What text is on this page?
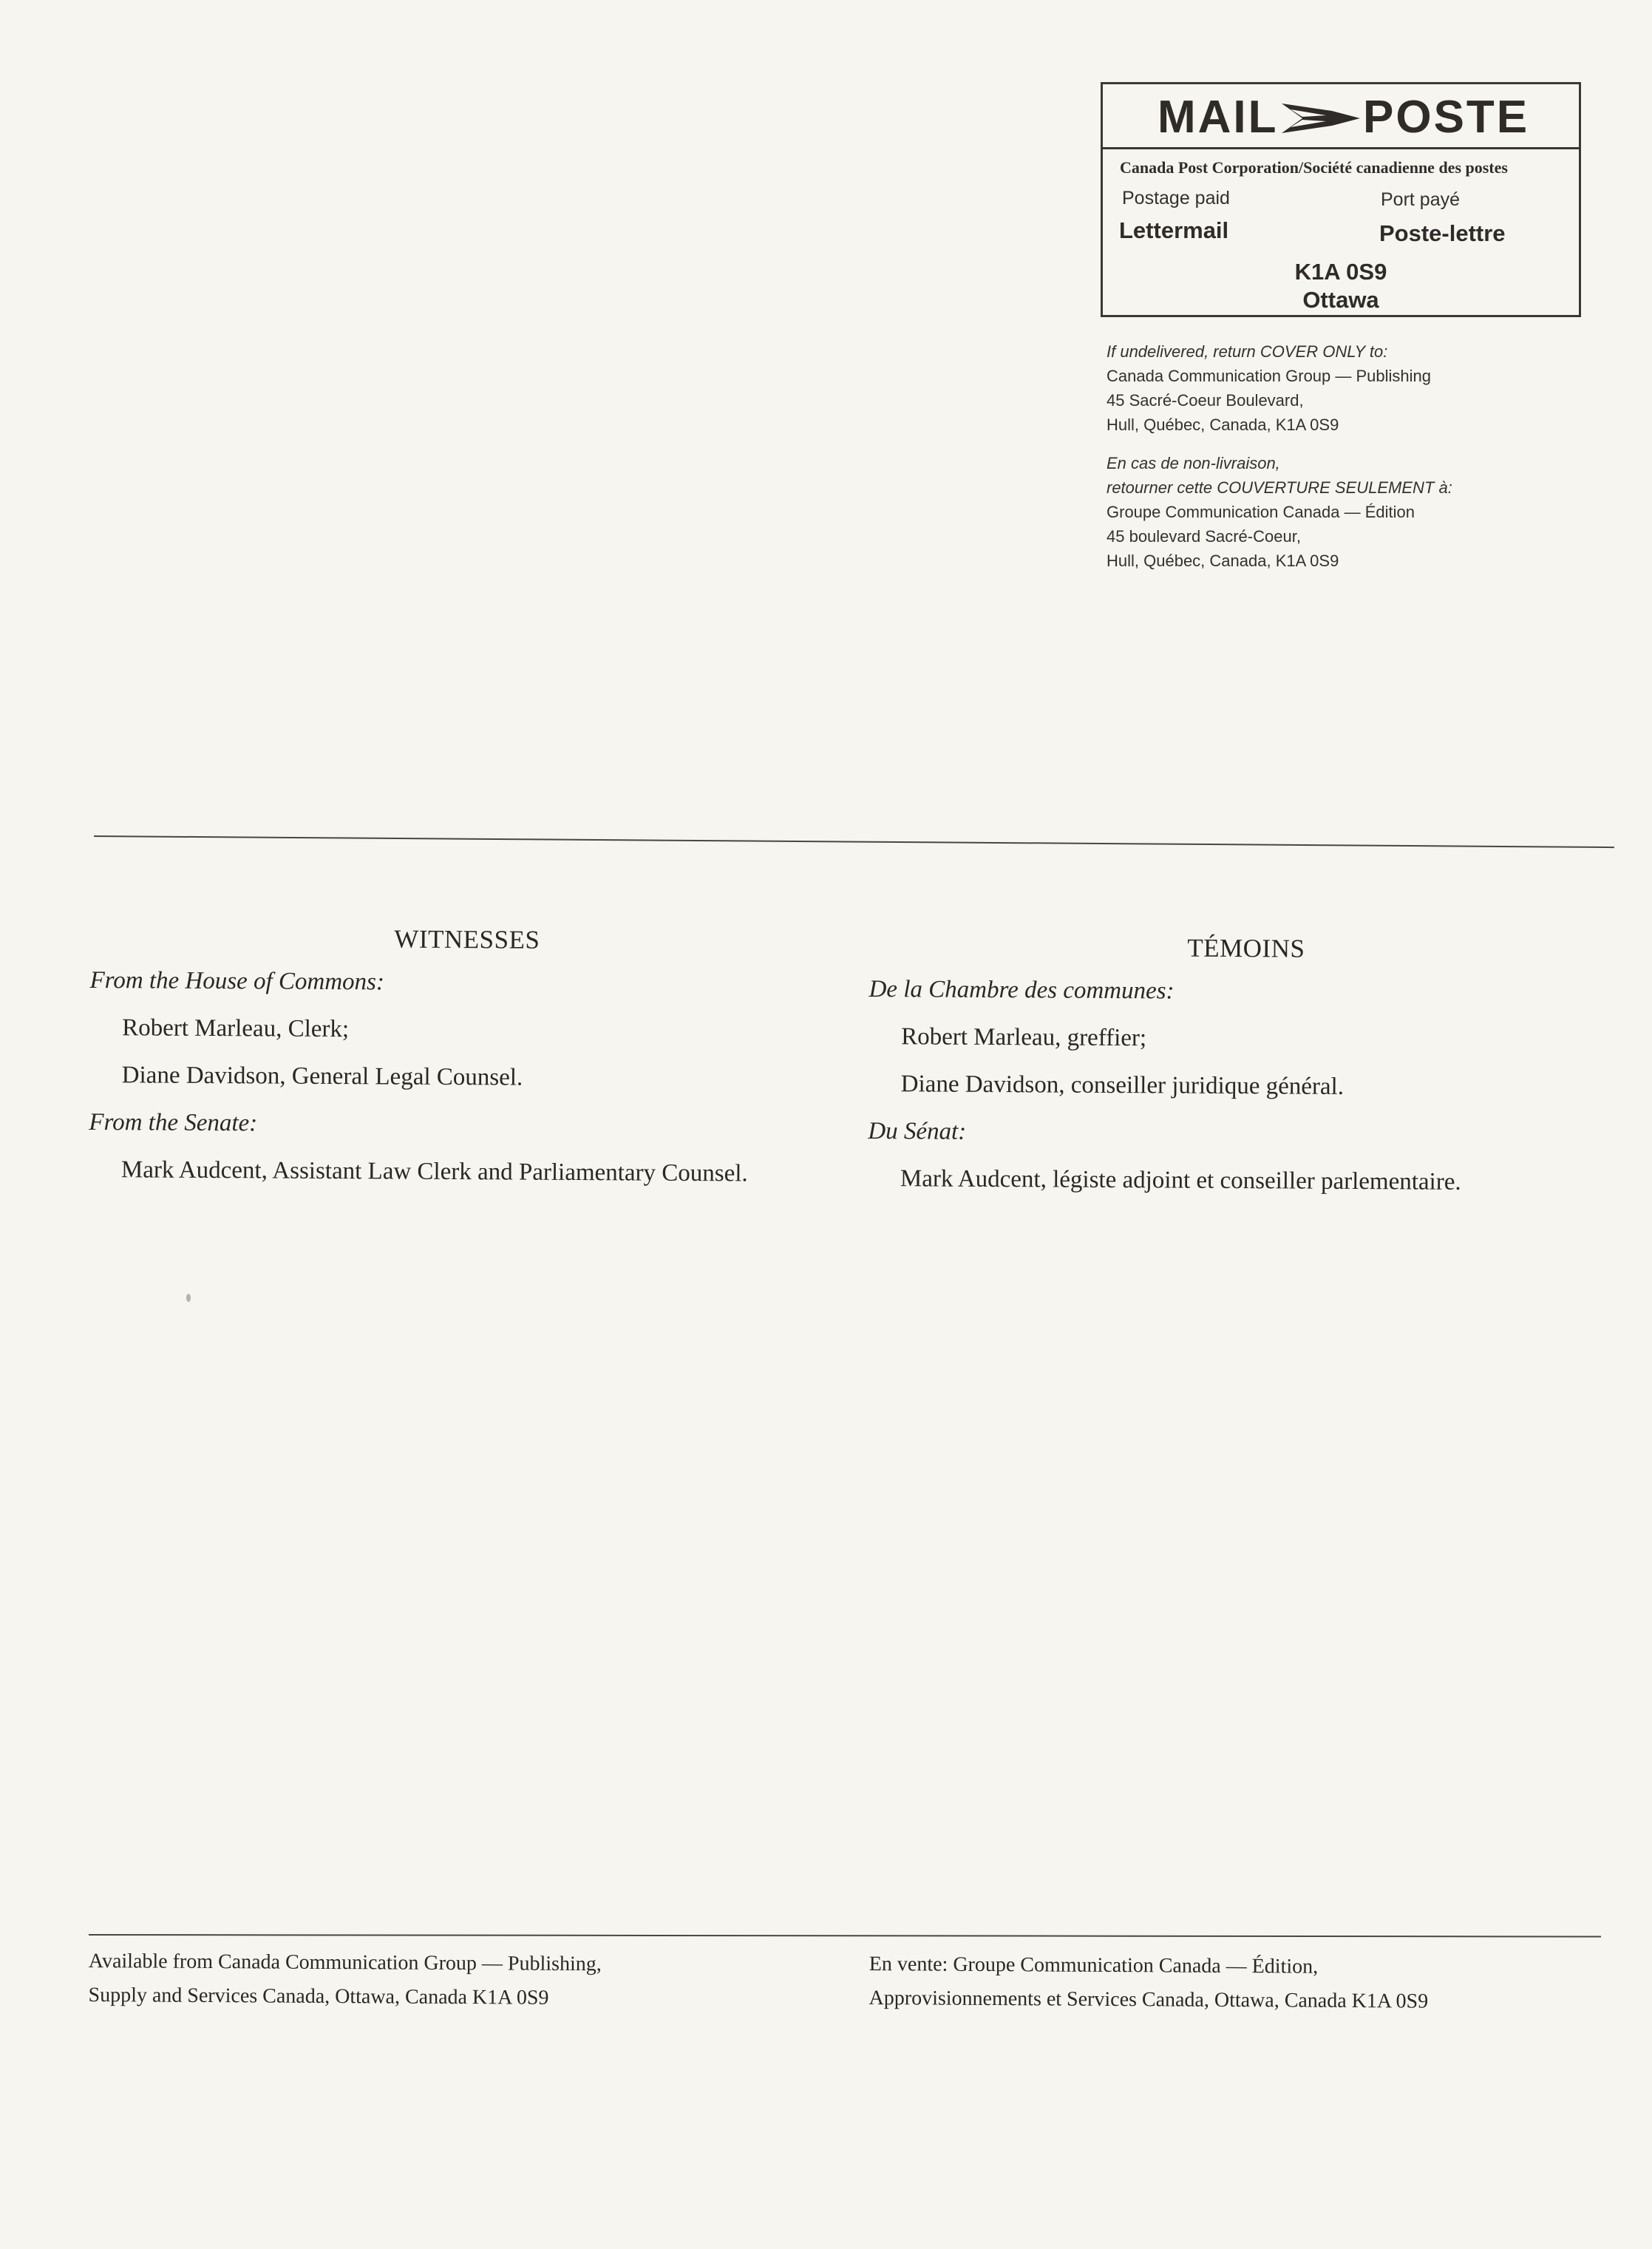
MAIL POSTE
Canada Post Corporation/Société canadienne des postes
Postage paid	Port payé
Lettermail	Poste-lettre
K1A 0S9
Ottawa
If undelivered, return COVER ONLY to:
Canada Communication Group — Publishing
45 Sacré-Coeur Boulevard,
Hull, Québec, Canada, K1A 0S9
En cas de non-livraison,
retourner cette COUVERTURE SEULEMENT à:
Groupe Communication Canada — Édition
45 boulevard Sacré-Coeur,
Hull, Québec, Canada, K1A 0S9
WITNESSES
From the House of Commons:
Robert Marleau, Clerk;
Diane Davidson, General Legal Counsel.
From the Senate:
Mark Audcent, Assistant Law Clerk and Parliamentary Counsel.
TÉMOINS
De la Chambre des communes:
Robert Marleau, greffier;
Diane Davidson, conseiller juridique général.
Du Sénat:
Mark Audcent, légiste adjoint et conseiller parlementaire.
Available from Canada Communication Group — Publishing,
Supply and Services Canada, Ottawa, Canada K1A 0S9
En vente: Groupe Communication Canada — Édition,
Approvisionnements et Services Canada, Ottawa, Canada K1A 0S9
